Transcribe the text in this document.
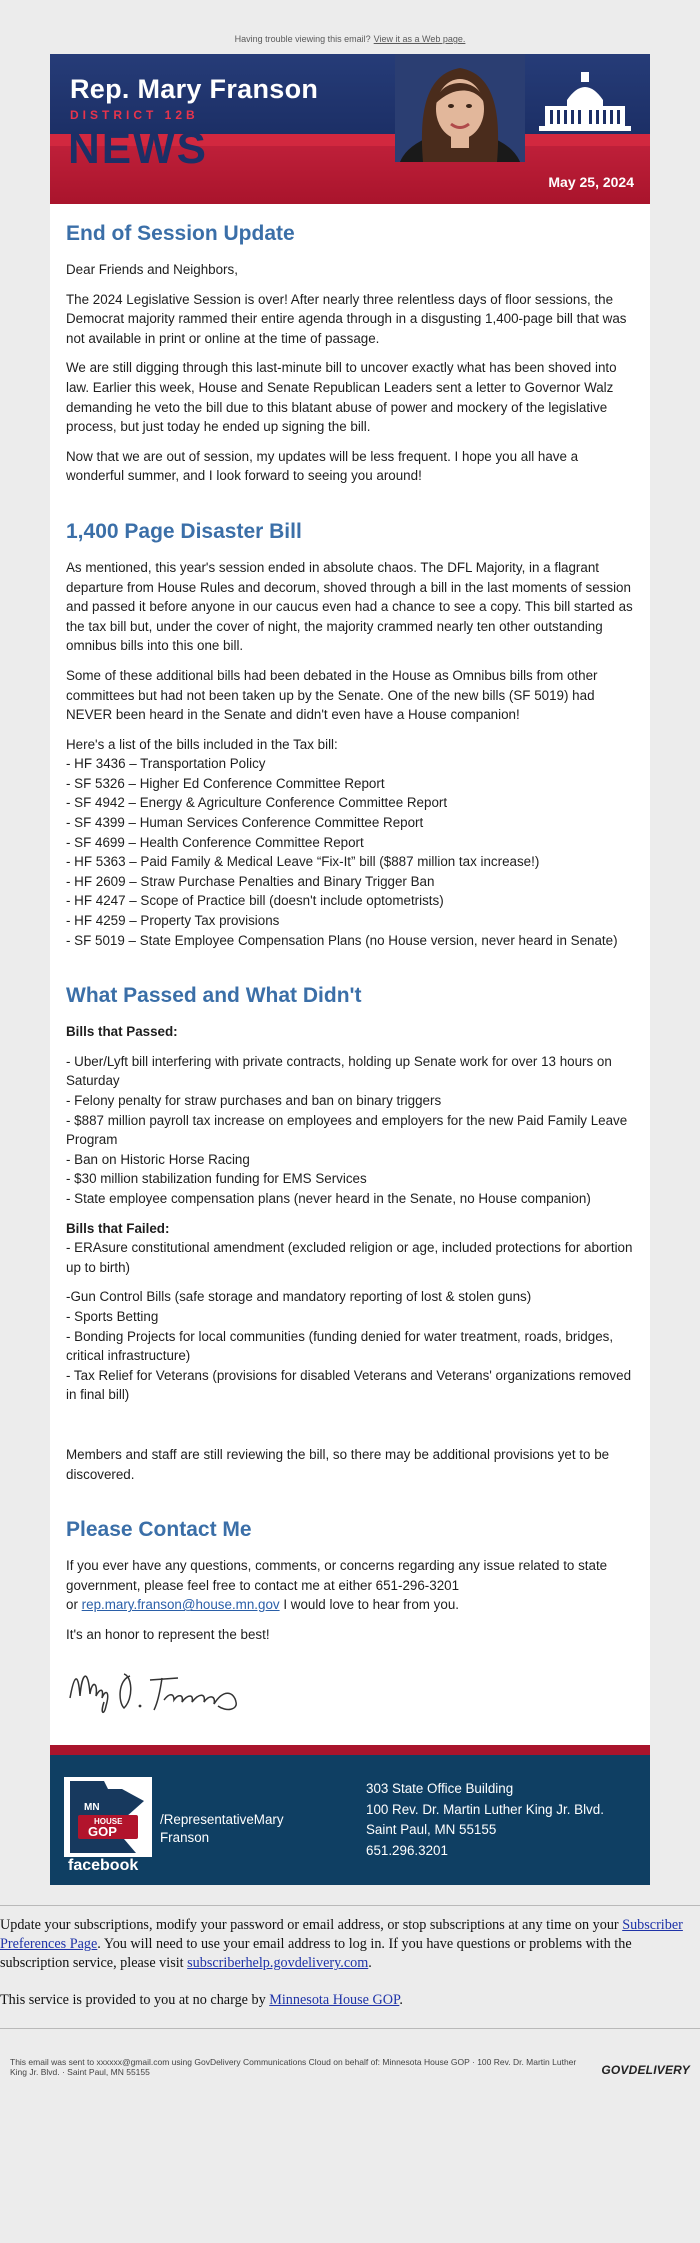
Having trouble viewing this email? View it as a Web page.
Rep. Mary Franson
DISTRICT 12B
NEWS
May 25, 2024
End of Session Update

Dear Friends and Neighbors,

The 2024 Legislative Session is over! After nearly three relentless days of floor sessions, the Democrat majority rammed their entire agenda through in a disgusting 1,400-page bill that was not available in print or online at the time of passage.

We are still digging through this last-minute bill to uncover exactly what has been shoved into law. Earlier this week, House and Senate Republican Leaders sent a letter to Governor Walz demanding he veto the bill due to this blatant abuse of power and mockery of the legislative process, but just today he ended up signing the bill.

Now that we are out of session, my updates will be less frequent. I hope you all have a wonderful summer, and I look forward to seeing you around!

1,400 Page Disaster Bill

As mentioned, this year's session ended in absolute chaos. The DFL Majority, in a flagrant departure from House Rules and decorum, shoved through a bill in the last moments of session and passed it before anyone in our caucus even had a chance to see a copy. This bill started as the tax bill but, under the cover of night, the majority crammed nearly ten other outstanding omnibus bills into this one bill.

Some of these additional bills had been debated in the House as Omnibus bills from other committees but had not been taken up by the Senate. One of the new bills (SF 5019) had NEVER been heard in the Senate and didn't even have a House companion!

Here's a list of the bills included in the Tax bill:
- HF 3436 – Transportation Policy
- SF 5326 – Higher Ed Conference Committee Report
- SF 4942 – Energy & Agriculture Conference Committee Report
- SF 4399 – Human Services Conference Committee Report
- SF 4699 – Health Conference Committee Report
- HF 5363 – Paid Family & Medical Leave “Fix-It” bill ($887 million tax increase!)
- HF 2609 – Straw Purchase Penalties and Binary Trigger Ban
- HF 4247 – Scope of Practice bill (doesn't include optometrists)
- HF 4259 – Property Tax provisions
- SF 5019 – State Employee Compensation Plans (no House version, never heard in Senate)
What Passed and What Didn't
Bills that Passed:
- Uber/Lyft bill interfering with private contracts, holding up Senate work for over 13 hours on Saturday
- Felony penalty for straw purchases and ban on binary triggers
- $887 million payroll tax increase on employees and employers for the new Paid Family Leave Program
- Ban on Historic Horse Racing
- $30 million stabilization funding for EMS Services
- State employee compensation plans (never heard in the Senate, no House companion)
Bills that Failed:
- ERAsure constitutional amendment (excluded religion or age, included protections for abortion up to birth)
-Gun Control Bills (safe storage and mandatory reporting of lost & stolen guns)
- Sports Betting
- Bonding Projects for local communities (funding denied for water treatment, roads, bridges, critical infrastructure)
- Tax Relief for Veterans (provisions for disabled Veterans and Veterans' organizations removed in final bill)

Members and staff are still reviewing the bill, so there may be additional provisions yet to be discovered.

Please Contact Me

If you ever have any questions, comments, or concerns regarding any issue related to state government, please feel free to contact me at either 651-296-3201
or rep.mary.franson@house.mn.gov I would love to hear from you.

It's an honor to represent the best!

MN
HOUSE
GOP
facebook
/RepresentativeMary Franson
303 State Office Building
100 Rev. Dr. Martin Luther King Jr. Blvd.
Saint Paul, MN 55155
651.296.3201

Update your subscriptions, modify your password or email address, or stop subscriptions at any time on your Subscriber Preferences Page. You will need to use your email address to log in. If you have questions or problems with the subscription service, please visit subscriberhelp.govdelivery.com.

This service is provided to you at no charge by Minnesota House GOP.

This email was sent to xxxxxx@gmail.com using GovDelivery Communications Cloud on behalf of: Minnesota House GOP · 100 Rev. Dr. Martin Luther King Jr. Blvd. · Saint Paul, MN 55155	GOVDELIVERY
